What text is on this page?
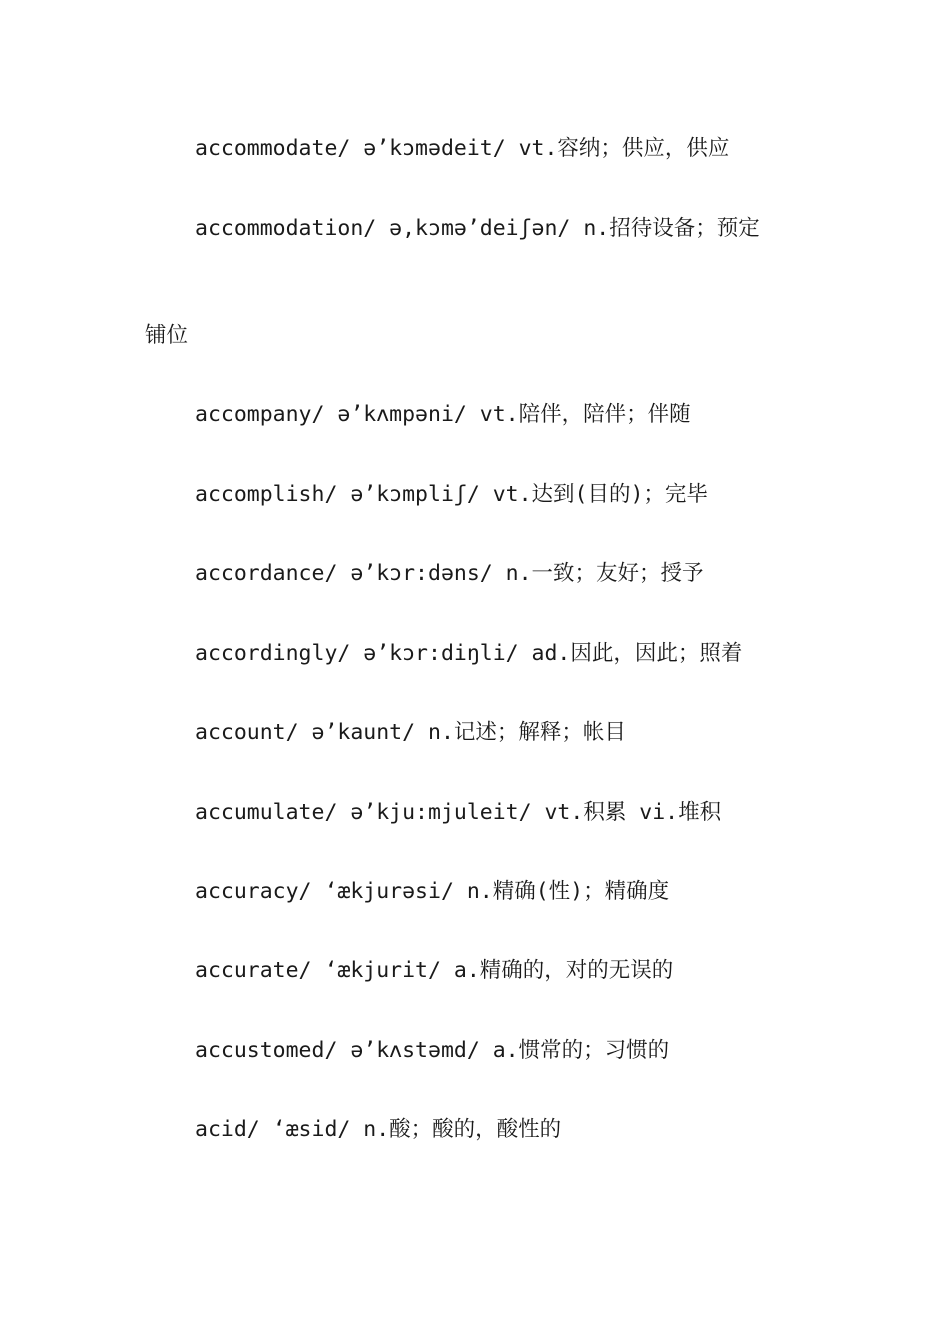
accommodate/ ə’kɔmədeit/ vt.容纳；供应，供应
accommodation/ ə,kɔmə’deiʃən/ n.招待设备；预定
铺位
accompany/ ə’kʌmpəni/ vt.陪伴，陪伴；伴随
accomplish/ ə’kɔmpliʃ/ vt.达到(目的)；完毕
accordance/ ə’kɔr:dəns/ n.一致；友好；授予
accordingly/ ə’kɔr:diŋli/ ad.因此，因此；照着
account/ ə’kaunt/ n.记述；解释；帐目
accumulate/ ə’kju:mjuleit/ vt.积累 vi.堆积
accuracy/ ‘ækjurəsi/ n.精确(性)；精确度
accurate/ ‘ækjurit/ a.精确的，对的无误的
accustomed/ ə’kʌstəmd/ a.惯常的；习惯的
acid/ ‘æsid/ n.酸；酸的，酸性的
